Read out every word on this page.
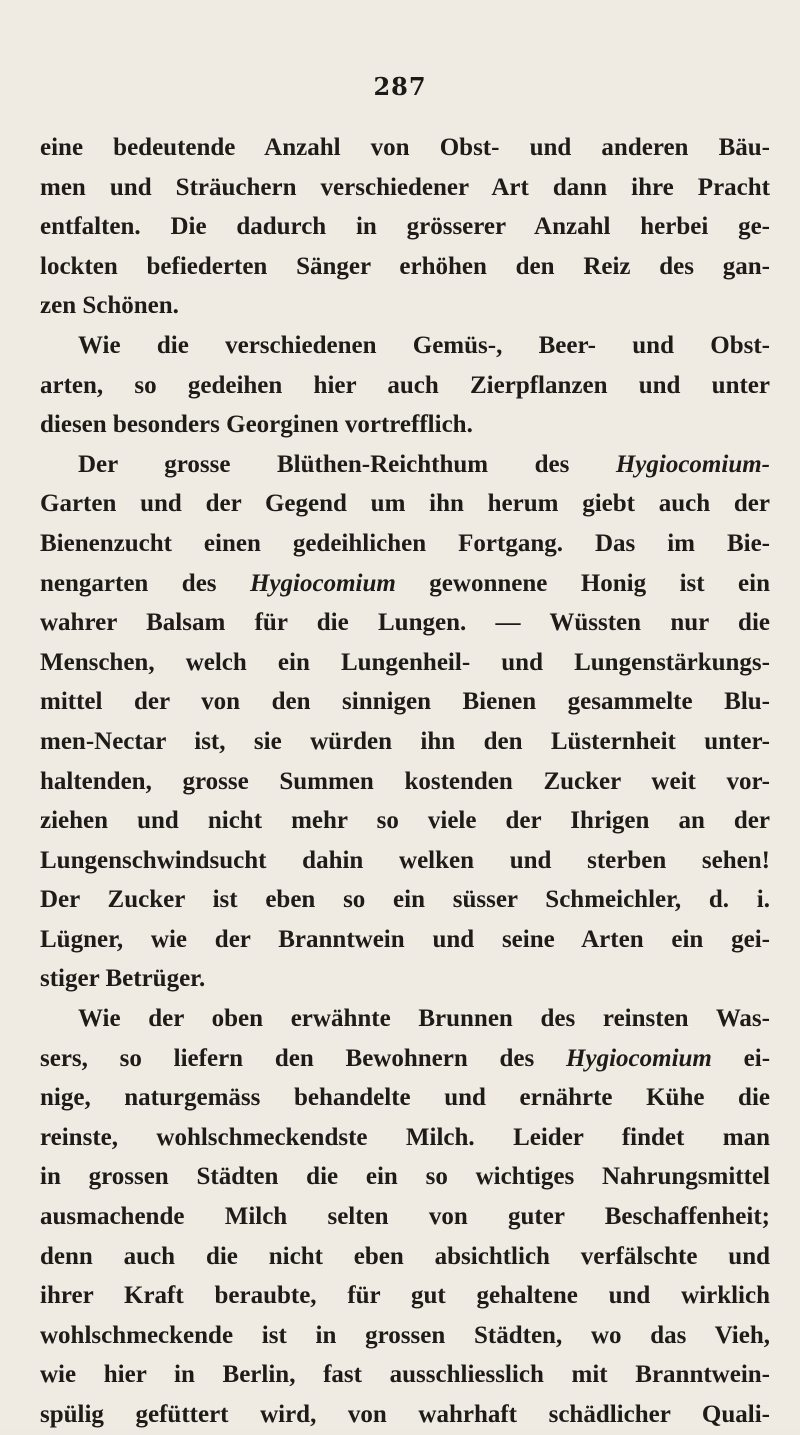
287
eine bedeutende Anzahl von Obst- und anderen Bäu-
men und Sträuchern verschiedener Art dann ihre Pracht
entfalten. Die dadurch in grösserer Anzahl herbei ge-
lockten befiederten Sänger erhöhen den Reiz des gan-
zen Schönen.
Wie die verschiedenen Gemüs-, Beer- und Obst-
arten, so gedeihen hier auch Zierpflanzen und unter
diesen besonders Georginen vortrefflich.
Der grosse Blüthen-Reichthum des Hygiocomium-
Garten und der Gegend um ihn herum giebt auch der
Bienenzucht einen gedeihlichen Fortgang. Das im Bie-
nengarten des Hygiocomium gewonnene Honig ist ein
wahrer Balsam für die Lungen. — Wüssten nur die
Menschen, welch ein Lungenheil- und Lungenstärkungs-
mittel der von den sinnigen Bienen gesammelte Blu-
men-Nectar ist, sie würden ihn den Lüsternheit unter-
haltenden, grosse Summen kostenden Zucker weit vor-
ziehen und nicht mehr so viele der Ihrigen an der
Lungenschwindsucht dahin welken und sterben sehen!
Der Zucker ist eben so ein süsser Schmeichler, d. i.
Lügner, wie der Branntwein und seine Arten ein gei-
stiger Betrüger.
Wie der oben erwähnte Brunnen des reinsten Was-
sers, so liefern den Bewohnern des Hygiocomium ei-
nige, naturgemäss behandelte und ernährte Kühe die
reinste, wohlschmeckendste Milch. Leider findet man
in grossen Städten die ein so wichtiges Nahrungsmittel
ausmachende Milch selten von guter Beschaffenheit;
denn auch die nicht eben absichtlich verfälschte und
ihrer Kraft beraubte, für gut gehaltene und wirklich
wohlschmeckende ist in grossen Städten, wo das Vieh,
wie hier in Berlin, fast ausschliesslich mit Branntwein-
spülig gefüttert wird, von wahrhaft schädlicher Quali-
